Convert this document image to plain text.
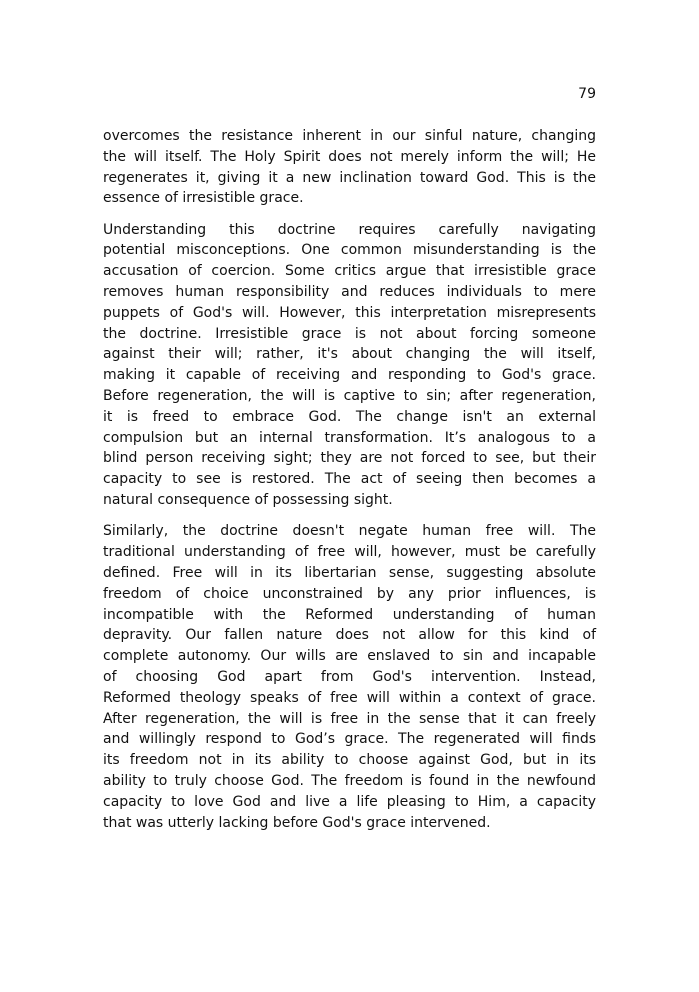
79
overcomes the resistance inherent in our sinful nature, changing
the will itself. The Holy Spirit does not merely inform the will; He
regenerates it, giving it a new inclination toward God. This is the
essence of irresistible grace.
Understanding this doctrine requires carefully navigating
potential misconceptions. One common misunderstanding is the
accusation of coercion. Some critics argue that irresistible grace
removes human responsibility and reduces individuals to mere
puppets of God's will. However, this interpretation misrepresents
the doctrine. Irresistible grace is not about forcing someone
against their will; rather, it's about changing the will itself,
making it capable of receiving and responding to God's grace.
Before regeneration, the will is captive to sin; after regeneration,
it is freed to embrace God. The change isn't an external
compulsion but an internal transformation. It’s analogous to a
blind person receiving sight; they are not forced to see, but their
capacity to see is restored. The act of seeing then becomes a
natural consequence of possessing sight.
Similarly, the doctrine doesn't negate human free will. The
traditional understanding of free will, however, must be carefully
defined. Free will in its libertarian sense, suggesting absolute
freedom of choice unconstrained by any prior influences, is
incompatible with the Reformed understanding of human
depravity. Our fallen nature does not allow for this kind of
complete autonomy. Our wills are enslaved to sin and incapable
of choosing God apart from God's intervention. Instead,
Reformed theology speaks of free will within a context of grace.
After regeneration, the will is free in the sense that it can freely
and willingly respond to God’s grace. The regenerated will finds
its freedom not in its ability to choose against God, but in its
ability to truly choose God. The freedom is found in the newfound
capacity to love God and live a life pleasing to Him, a capacity
that was utterly lacking before God's grace intervened.
